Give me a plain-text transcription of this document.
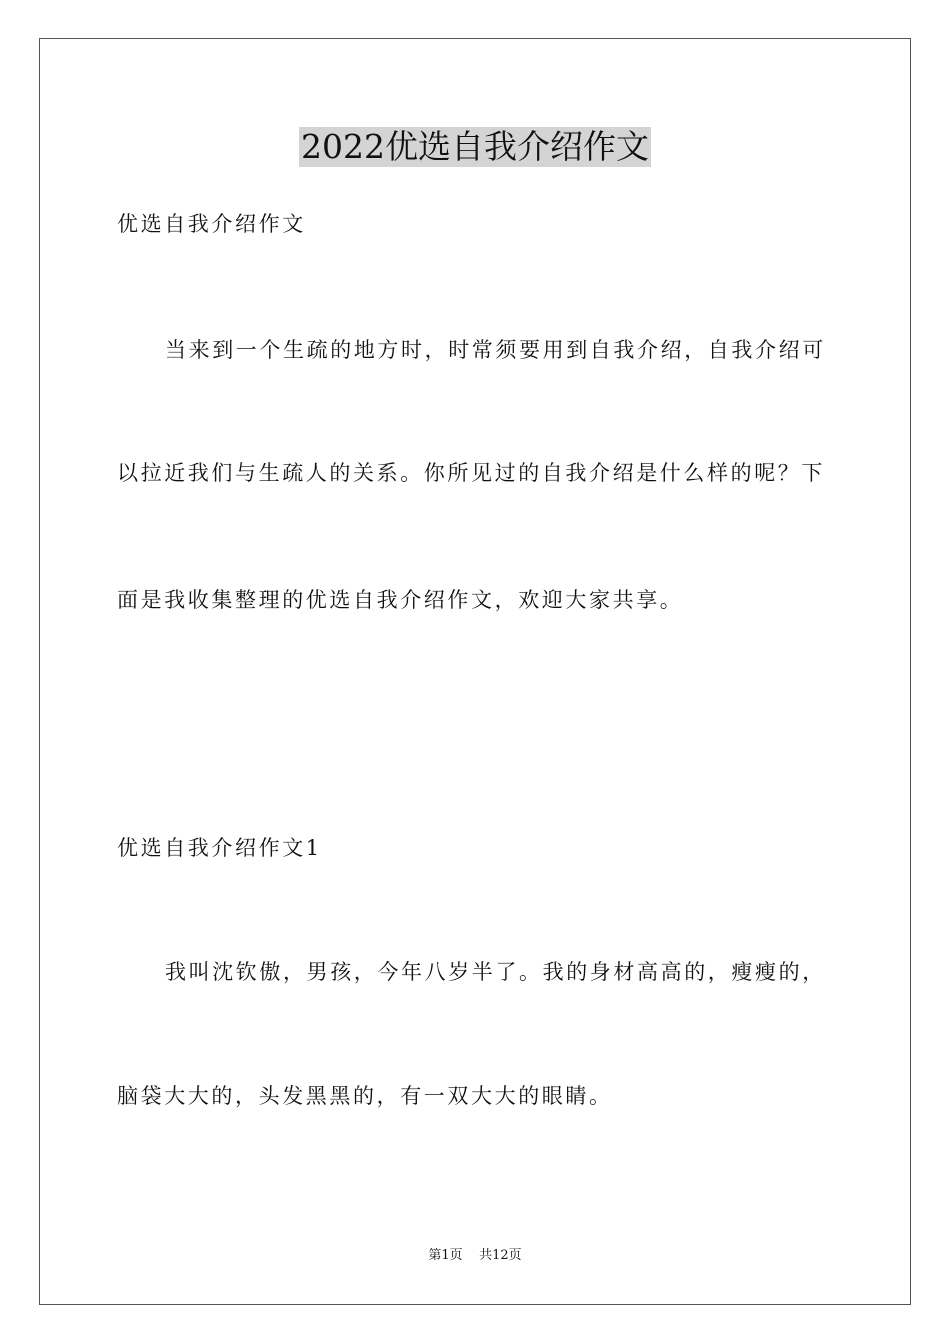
2022优选自我介绍作文
优选自我介绍作文
当来到一个生疏的地方时，时常须要用到自我介绍，自我介绍可
以拉近我们与生疏人的关系。你所见过的自我介绍是什么样的呢？下
面是我收集整理的优选自我介绍作文，欢迎大家共享。
优选自我介绍作文1
我叫沈钦傲，男孩，今年八岁半了。我的身材高高的，瘦瘦的，
脑袋大大的，头发黑黑的，有一双大大的眼睛。
第1页    共12页
